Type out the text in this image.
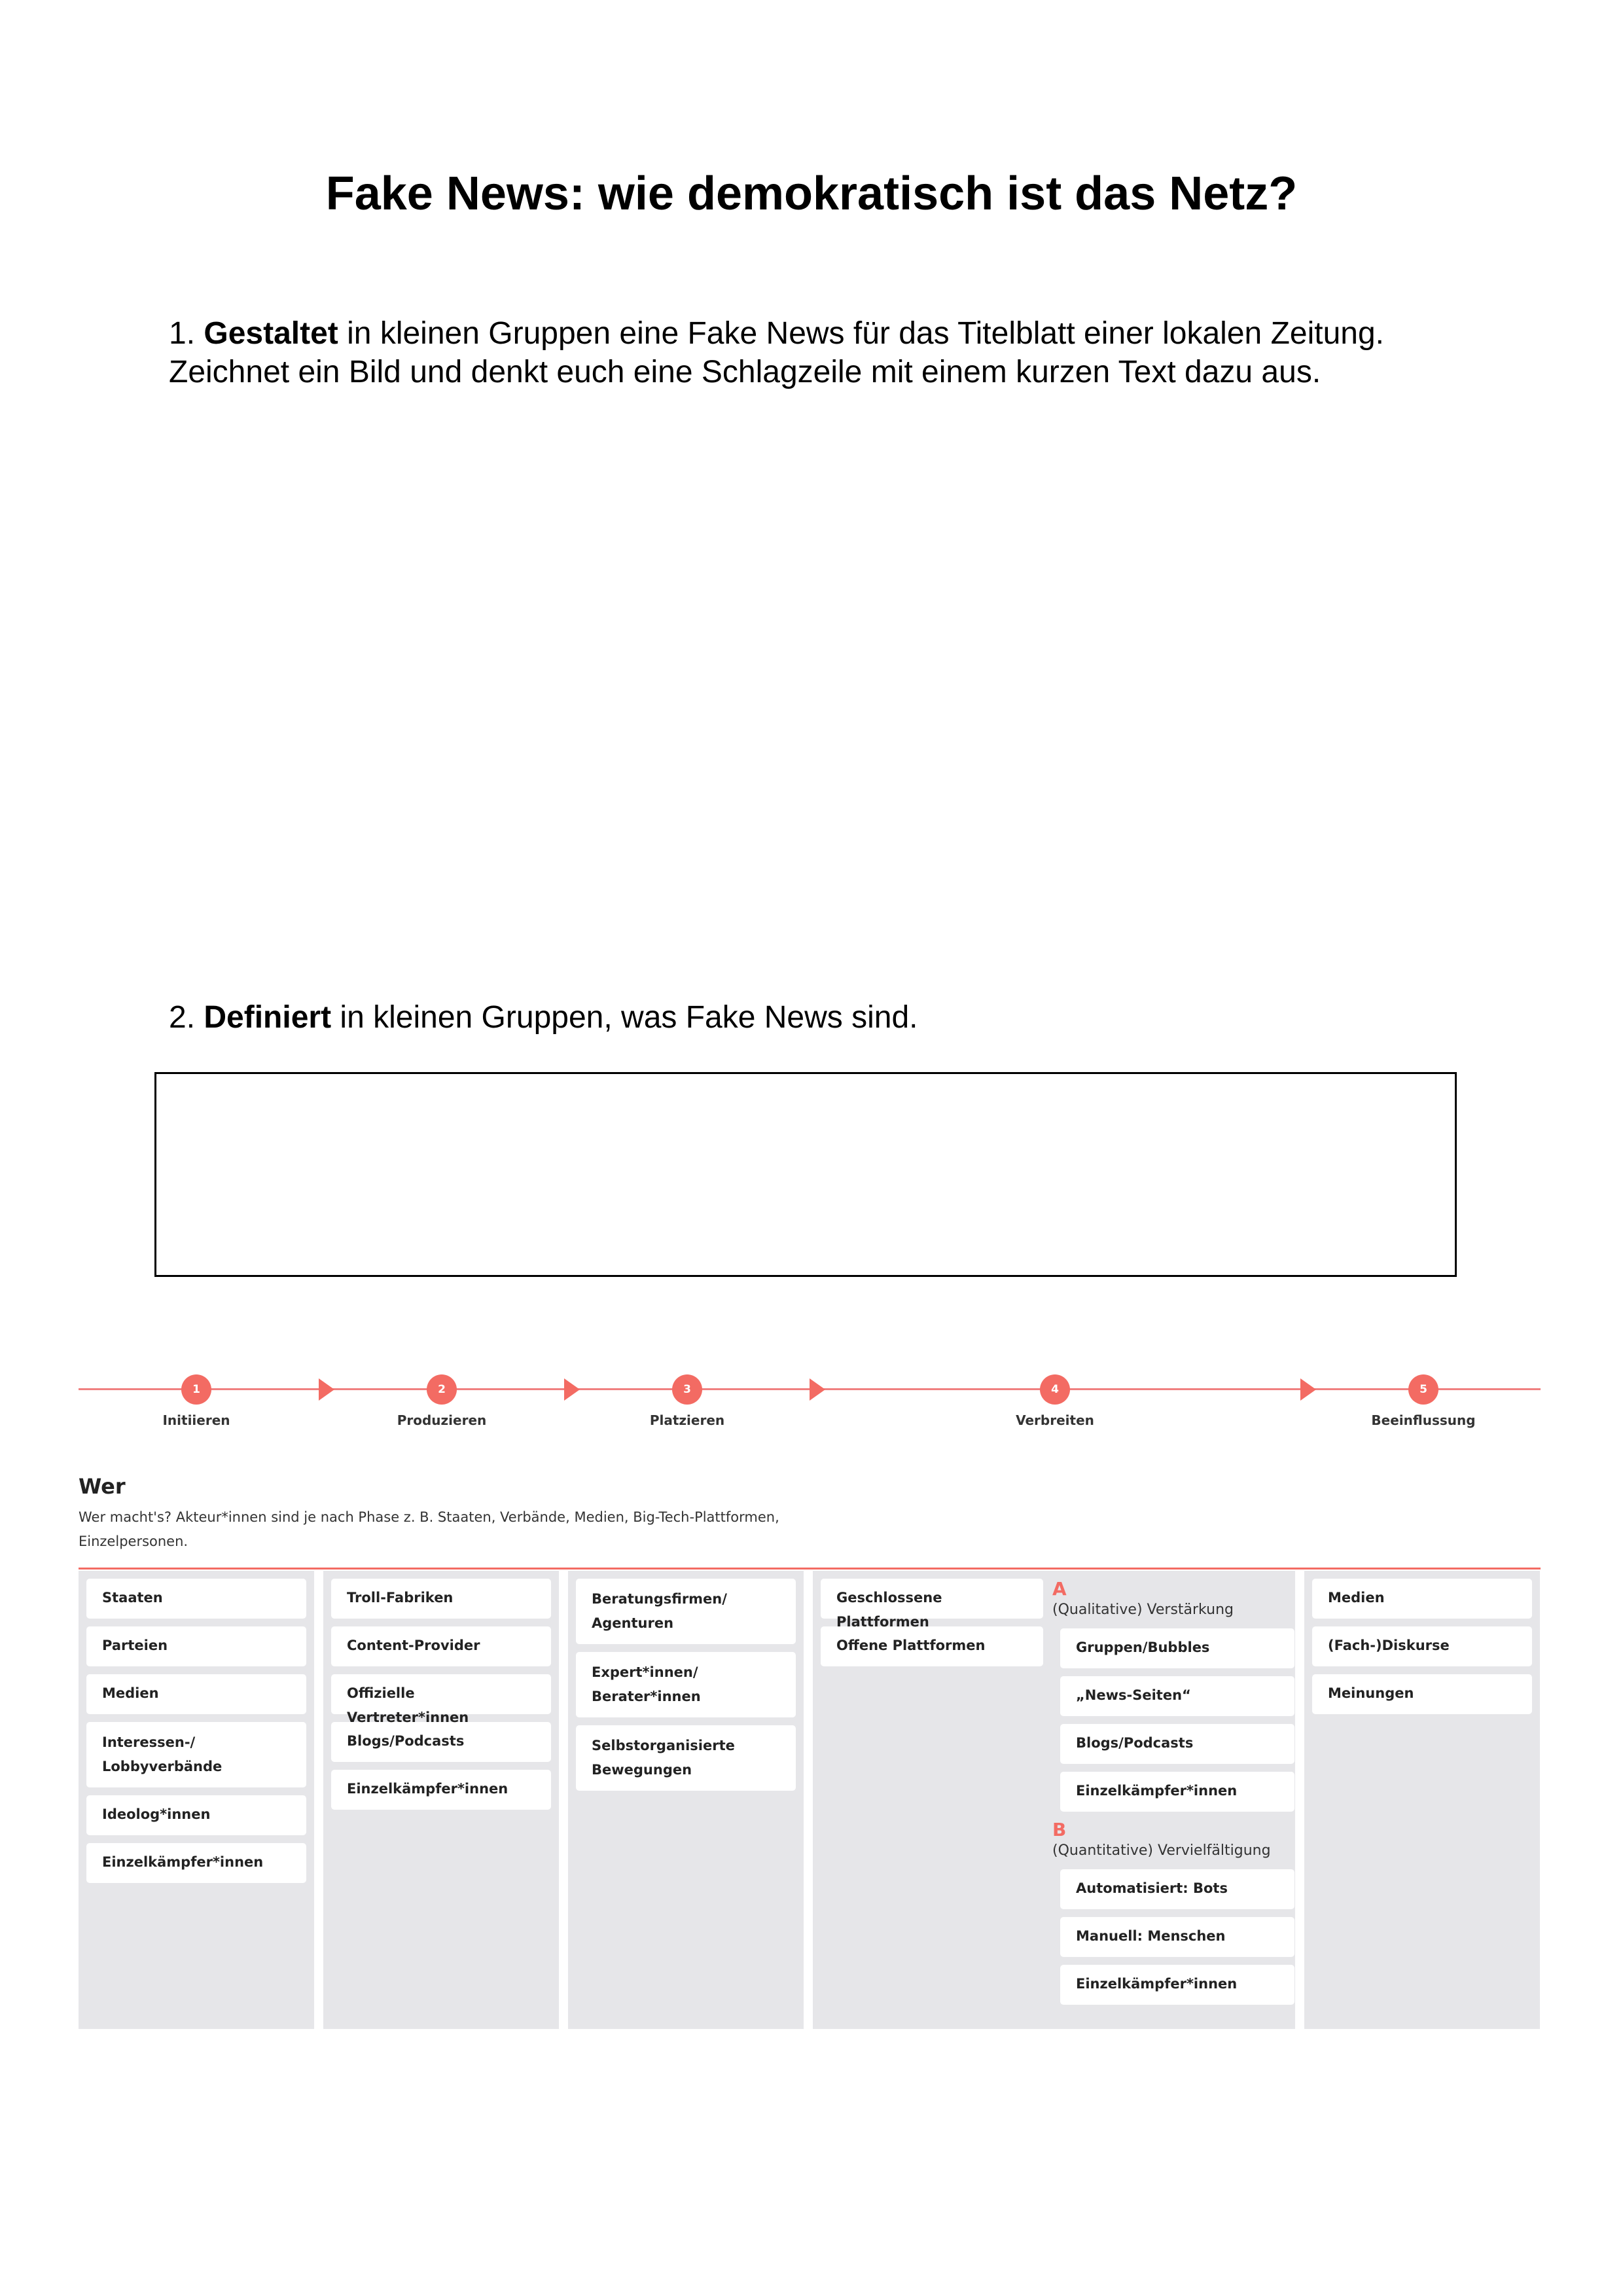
Fake News: wie demokratisch ist das Netz?

1. Gestaltet in kleinen Gruppen eine Fake News für das Titelblatt einer lokalen Zeitung. Zeichnet ein Bild und denkt euch eine Schlagzeile mit einem kurzen Text dazu aus.

2. Definiert in kleinen Gruppen, was Fake News sind.

1
Initiieren
2
Produzieren
3
Platzieren
4
Verbreiten
5
Beeinflussung
Wer

Wer macht's? Akteur*innen sind je nach Phase z. B. Staaten, Verbände, Medien, Big-Tech-Plattformen, Einzelpersonen.

Staaten
Parteien
Medien
Interessen-/ Lobbyverbände
Ideolog*innen
Einzelkämpfer*innen
Troll-Fabriken
Content-Provider
Offizielle Vertreter*innen
Blogs/Podcasts
Einzelkämpfer*innen
Beratungsfirmen/ Agenturen
Expert*innen/ Berater*innen
Selbstorganisierte Bewegungen
Geschlossene Plattformen
Offene Plattformen
A
(Qualitative) Verstärkung
Gruppen/Bubbles
„News-Seiten“
Blogs/Podcasts
Einzelkämpfer*innen
B
(Quantitative) Vervielfältigung
Automatisiert: Bots
Manuell: Menschen
Einzelkämpfer*innen
Medien
(Fach-)Diskurse
Meinungen
